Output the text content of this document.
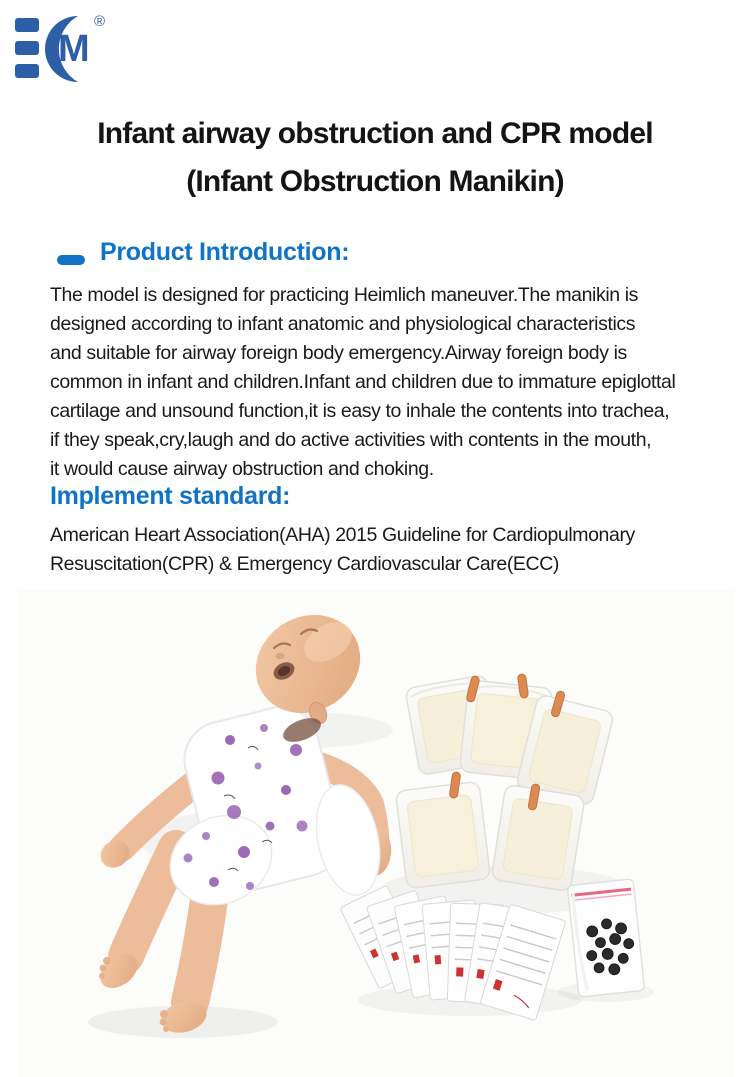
M
®
Infant airway obstruction and CPR model
(Infant Obstruction Manikin)
Product Introduction:
The model is designed for practicing Heimlich maneuver.The manikin is
designed according to infant anatomic and physiological characteristics
and suitable for airway foreign body emergency.Airway foreign body is
common in infant and children.Infant and children due to immature epiglottal
cartilage and unsound function,it is easy to inhale the contents into trachea,
if they speak,cry,laugh and do active activities with contents in the mouth,
it would cause airway obstruction and choking.
Implement standard:
American Heart Association(AHA) 2015 Guideline for Cardiopulmonary
Resuscitation(CPR) & Emergency Cardiovascular Care(ECC)
